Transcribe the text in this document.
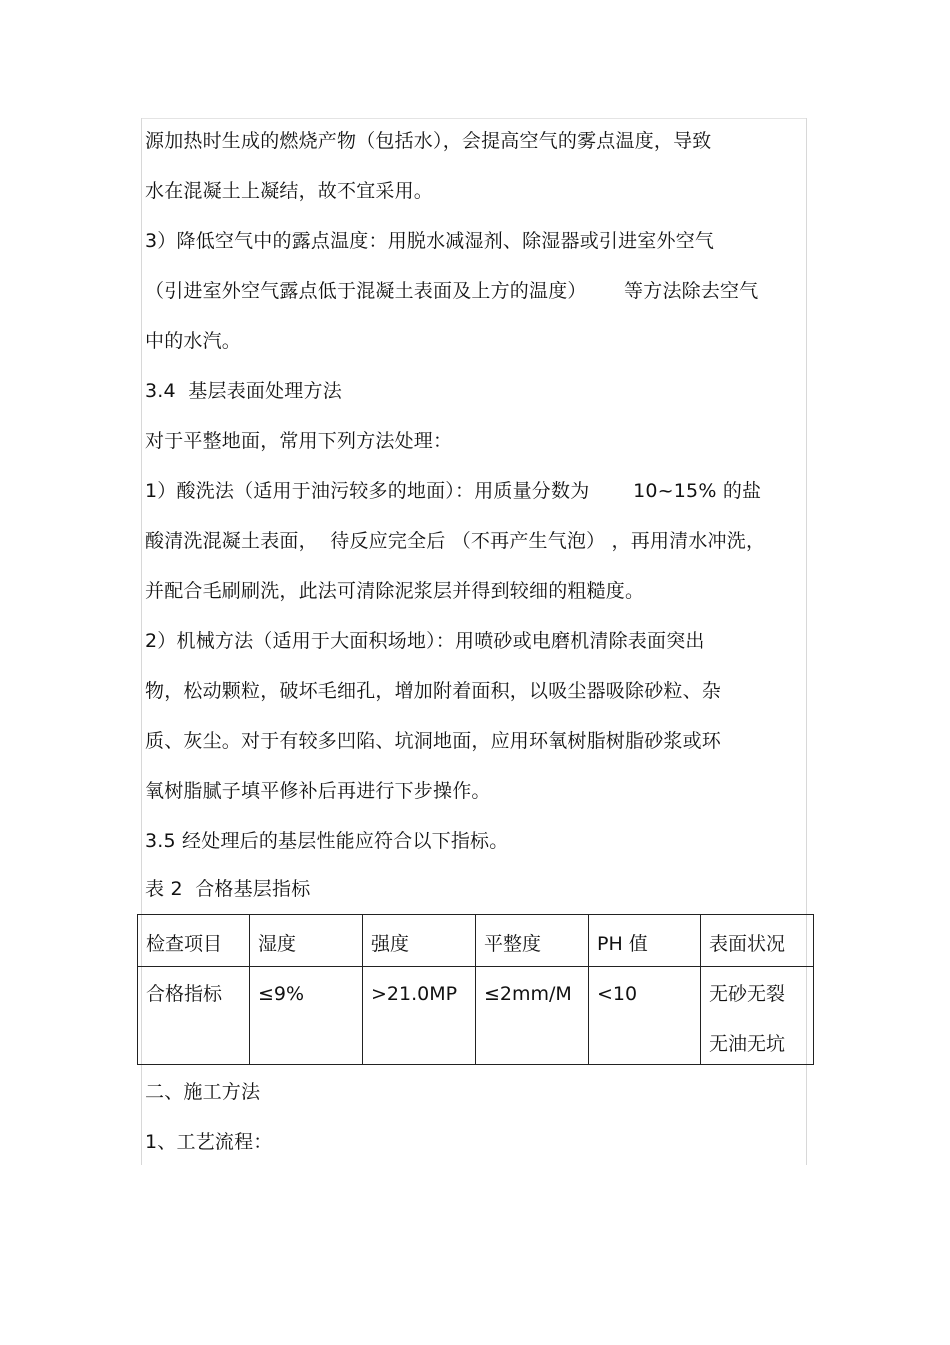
源加热时生成的燃烧产物（包括水），会提高空气的雾点温度，导致
水在混凝土上凝结，故不宜采用。
3）降低空气中的露点温度：用脱水减湿剂、除湿器或引进室外空气
（引进室外空气露点低于混凝土表面及上方的温度）      等方法除去空气
中的水汽。
3.4  基层表面处理方法
对于平整地面，常用下列方法处理：
1）酸洗法（适用于油污较多的地面）：用质量分数为       10~15% 的盐
酸清洗混凝土表面，  待反应完全后 （不再产生气泡） ，再用清水冲洗，
并配合毛刷刷洗，此法可清除泥浆层并得到较细的粗糙度。
2）机械方法（适用于大面积场地）：用喷砂或电磨机清除表面突出
物，松动颗粒，破坏毛细孔，增加附着面积，以吸尘器吸除砂粒、杂
质、灰尘。对于有较多凹陷、坑洞地面，应用环氧树脂树脂砂浆或环
氧树脂腻子填平修补后再进行下步操作。
3.5 经处理后的基层性能应符合以下指标。
表 2  合格基层指标
检查项目	湿度	强度	平整度	PH 值	表面状况

合格指标	≤9%	>21.0MP	≤2mm/M	<10	无砂无裂
无油无坑
二、施工方法
1、工艺流程：
